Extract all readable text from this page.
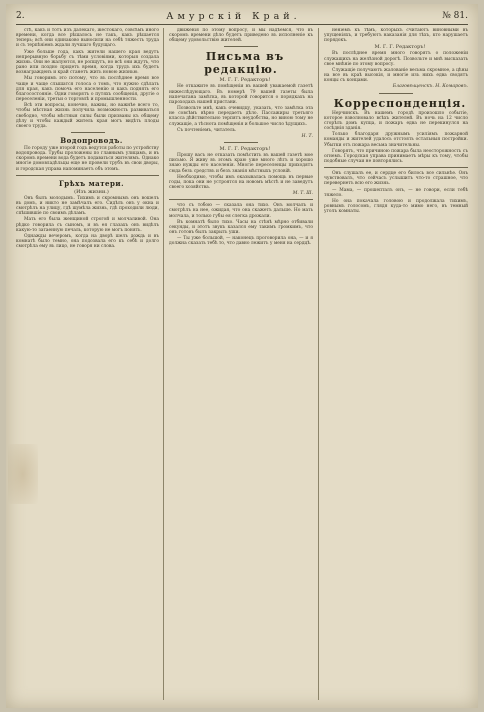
2.	Амурскій Край.	№ 81.

стѣ, какъ и тотъ изъ далекаго, жестокаго, совсѣмъ иного времени, когда все рѣшалось не такъ, какъ рѣшается теперь; всѣ они одинаково выносили на себѣ тяжесть труда и съ терпѣніемъ ждали лучшаго будущаго.

Уже больше года, какъ жители нашего края ведутъ непрерывную борьбу съ тѣми условіями, которыя создала жизнь. Они не жалуются, не ропщутъ, но всѣ они ждутъ, что рано или поздно придетъ время, когда трудъ ихъ будетъ вознагражденъ и край станетъ жить новою жизнью.

Мы говоримъ это потому, что въ послѣднее время все чаще и чаще слышатся голоса о томъ, что нужно сдѣлать для края, какъ помочь его населенію и какъ поднять его благосостояніе. Одни говорятъ о путяхъ сообщенія, другіе о переселеніи, третьи о торговлѣ и промышленности.

Всѣ эти вопросы, конечно, важны, но важнѣе всего то, чтобы мѣстная жизнь получила возможность развиваться свободно, чтобы мѣстныя силы были призваны къ общему дѣлу и чтобы каждый житель края могъ видѣть плоды своего труда.

Водопроводъ.

По городу уже второй годъ ведутся работы по устройству водопровода. Трубы проложены по главнымъ улицамъ, и въ скоромъ времени вода будетъ подаваться жителямъ. Однако многіе домовладѣльцы еще не провели трубъ въ свои дворы, и городская управа напоминаетъ объ этомъ.

Грѣхъ матери.

(Изъ жизни.)

Онъ былъ молодымъ. Тихимъ и скромнымъ онъ вошелъ въ домъ, и никто не замѣчалъ его. Сидѣлъ онъ у окна и смотрѣлъ на улицу, гдѣ шумѣла жизнь, гдѣ проходили люди, спѣшившіе по своимъ дѣламъ.

Мать его была женщиной строгой и молчаливой. Она рѣдко говорила съ сыномъ, и въ ея глазахъ онъ видѣлъ какую-то затаенную печаль, которую не могъ понять.

Однажды вечеромъ, когда на дворѣ шелъ дождь и въ комнатѣ было темно, она подозвала его къ себѣ и долго смотрѣла ему въ лицо, не говоря ни слова.

движенія по этому вопросу, и мы надѣемся, что въ скоромъ времени дѣло будетъ приведено въ исполненіе къ общему удовольствію жителей.

Письма въ редакцію.

М. Г. Г. Редакторъ!

Не откажите въ помѣщеніи въ вашей уважаемой газетѣ нижеслѣдующаго. Въ номерѣ 79 вашей газеты была напечатана замѣтка, въ которой говорится о порядкахъ на пароходахъ нашей пристани.

Позвольте мнѣ, какъ очевидцу, указать, что замѣтка эта не совсѣмъ вѣрно передаетъ дѣло. Пассажиры третьяго класса дѣйствительно терпятъ неудобства, но виною тому не служащіе, а тѣснота помѣщенія и большое число ѣдущихъ.

Съ почтеніемъ, читатель.

Н. Т.

М. Г. Г. Редакторъ!

Прошу васъ не отказать помѣстить въ вашей газетѣ мое письмо. Я живу въ этомъ краю уже много лѣтъ и хорошо знаю нужды его населенія. Многіе переселенцы приходятъ сюда безъ средствъ и безъ знанія мѣстныхъ условій.

Необходимо, чтобы имъ оказывалась помощь въ первые годы, пока они не устроятся на новомъ мѣстѣ и не заведутъ своего хозяйства.

М. Т. Ш.

что съ тобою — сказала она тихо. Онъ молчалъ и смотрѣлъ на нее, ожидая, что она скажетъ дальше. Но мать молчала, и только губы ея слегка дрожали.

Въ комнатѣ было тихо. Часы на стѣнѣ мѣрно отбивали секунды, и этотъ звукъ казался ему такимъ громкимъ, что онъ готовъ былъ закрыть уши.

— Ты уже большой, — наконецъ проговорила она, — и я должна сказать тебѣ то, что давно лежитъ у меня на сердцѣ.

неніемъ къ тѣмъ, которыхъ считаютъ виновными въ упущеніяхъ, и требуютъ наказанія для тѣхъ, кто нарушаетъ порядокъ.

М. Г. Г. Редакторъ!

Въ послѣднее время много говорятъ о положеніи служащихъ на желѣзной дорогѣ. Позвольте и мнѣ высказать свое мнѣніе по этому вопросу.

Служащіе получаютъ жалованіе весьма скромное, а цѣны на все въ краѣ высокія, и многіе изъ нихъ едва сводятъ концы съ концами.

Благовѣщенскъ. Н. Комаровъ.

Корреспонденція.

Нерчинскъ. Въ нашемъ городѣ произошло событіе, которое взволновало всѣхъ жителей. Въ ночь на 12 число сгорѣлъ домъ купца, и пожаръ едва не перекинулся на сосѣднія зданія.

Только благодаря дружнымъ усиліямъ пожарной команды и жителей удалось отстоять остальныя постройки. Убытки отъ пожара весьма значительны.

Говорятъ, что причиною пожара была неосторожность съ огнемъ. Городская управа принимаетъ мѣры къ тому, чтобы подобные случаи не повторялись.

Онъ слушалъ ее, и сердце его билось все сильнѣе. Онъ чувствовалъ, что сейчасъ услышитъ что-то страшное, что перевернетъ всю его жизнь.

— Мама, — прошепталъ онъ, — не говори, если тебѣ тяжело.

Но она покачала головою и продолжала тихимъ, ровнымъ голосомъ, глядя куда-то мимо него, въ темный уголъ комнаты.
